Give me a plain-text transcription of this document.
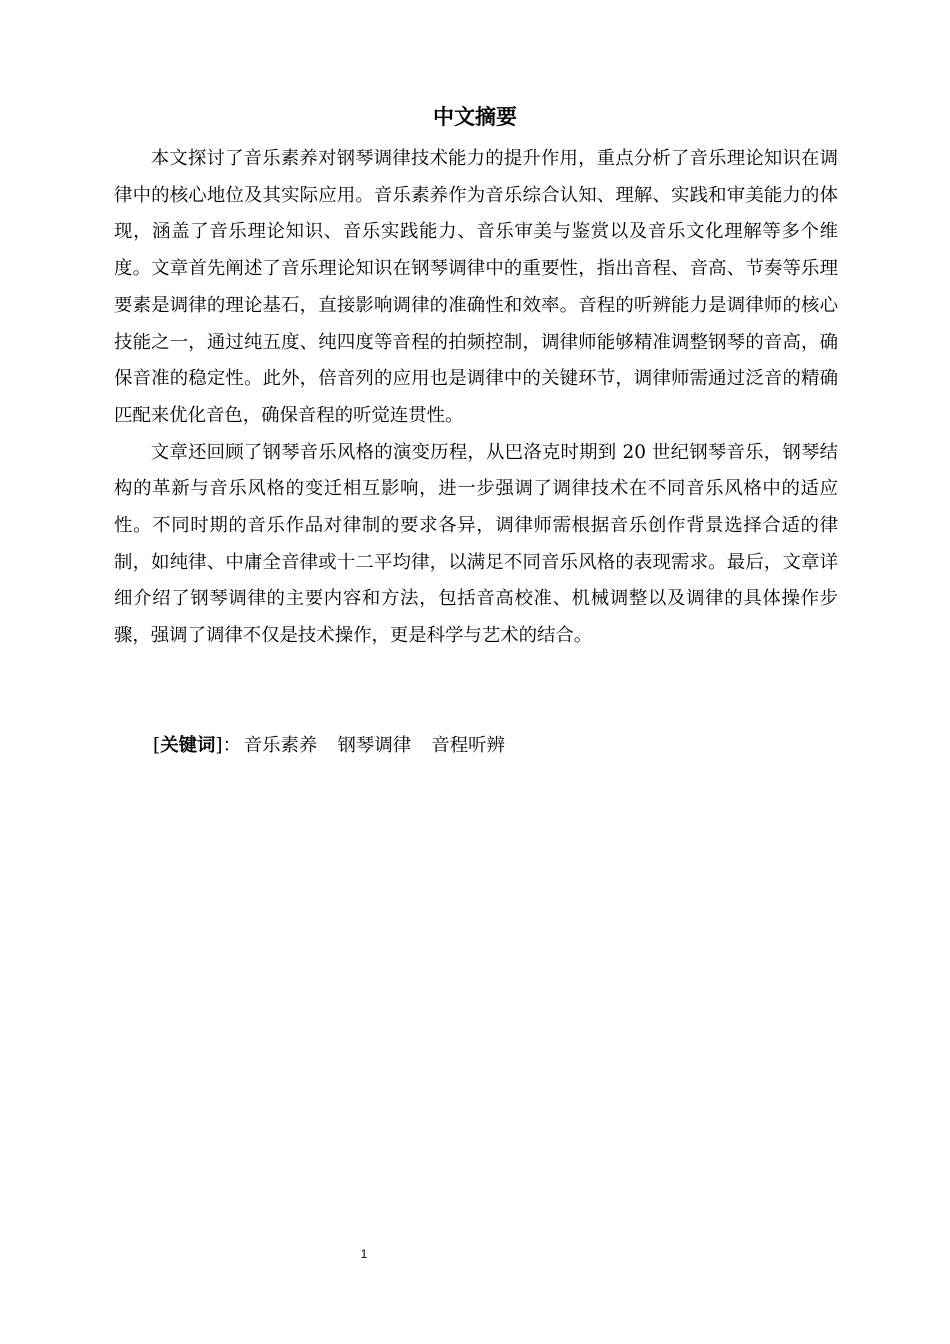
中文摘要

本文探讨了音乐素养对钢琴调律技术能力的提升作用，重点分析了音乐理论知识在调律中的核心地位及其实际应用。音乐素养作为音乐综合认知、理解、实践和审美能力的体现，涵盖了音乐理论知识、音乐实践能力、音乐审美与鉴赏以及音乐文化理解等多个维度。文章首先阐述了音乐理论知识在钢琴调律中的重要性，指出音程、音高、节奏等乐理要素是调律的理论基石，直接影响调律的准确性和效率。音程的听辨能力是调律师的核心技能之一，通过纯五度、纯四度等音程的拍频控制，调律师能够精准调整钢琴的音高，确保音准的稳定性。此外，倍音列的应用也是调律中的关键环节，调律师需通过泛音的精确匹配来优化音色，确保音程的听觉连贯性。

文章还回顾了钢琴音乐风格的演变历程，从巴洛克时期到 20 世纪钢琴音乐，钢琴结构的革新与音乐风格的变迁相互影响，进一步强调了调律技术在不同音乐风格中的适应性。不同时期的音乐作品对律制的要求各异，调律师需根据音乐创作背景选择合适的律制，如纯律、中庸全音律或十二平均律，以满足不同音乐风格的表现需求。最后，文章详细介绍了钢琴调律的主要内容和方法，包括音高校准、机械调整以及调律的具体操作步骤，强调了调律不仅是技术操作，更是科学与艺术的结合。

[关键词]： 音乐素养 钢琴调律 音程听辨
1
